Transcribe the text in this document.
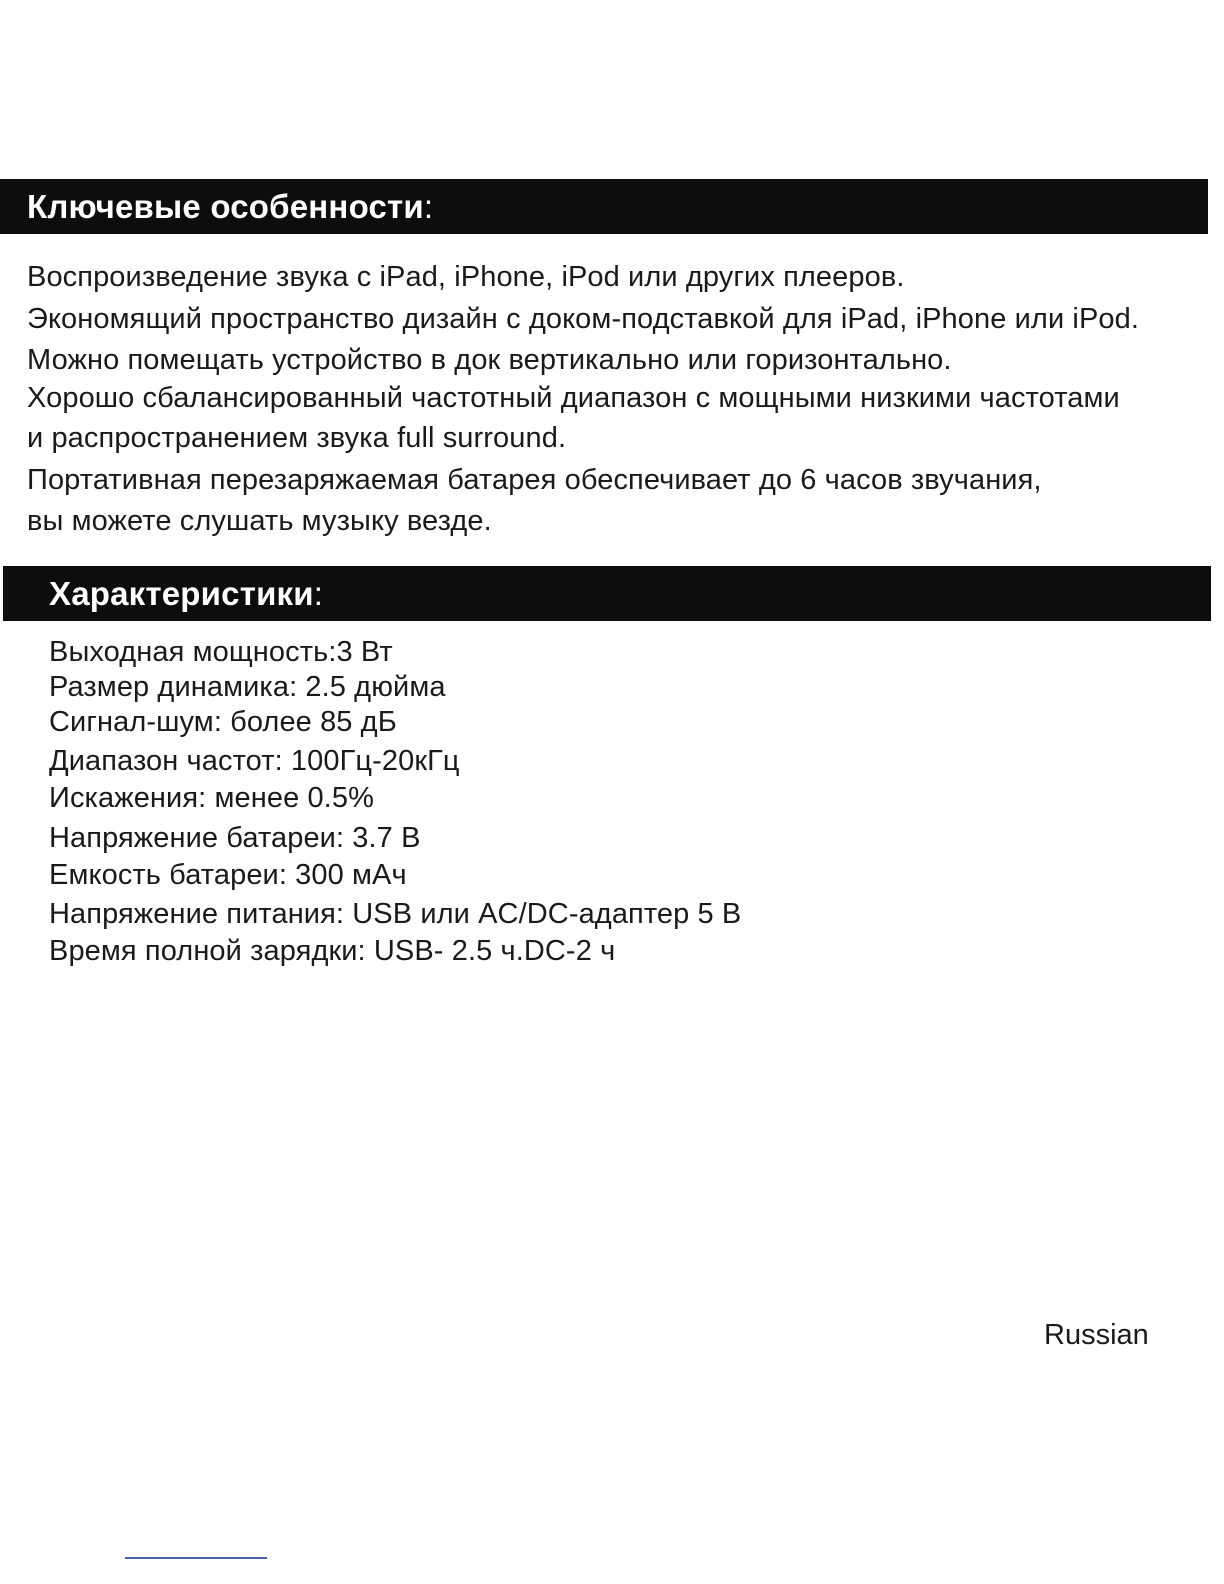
Ключевые особенности :
Воспроизведение звука с iPad, iPhone, iPod или других плееров.
Экономящий пространство дизайн с доком-подставкой для iPad, iPhone или iPod.
Можно помещать устройство в док вертикально или горизонтально.
Хорошо сбалансированный частотный диапазон с мощными низкими частотами
и распространением звука full surround.
Портативная перезаряжаемая батарея обеспечивает до 6 часов звучания,
вы можете слушать музыку везде.
Характеристики :
Выходная мощность:3 Вт
Размер динамика: 2.5 дюйма
Сигнал-шум: более 85 дБ
Диапазон частот: 100Гц-20кГц
Искажения: менее 0.5%
Напряжение батареи: 3.7 В
Емкость батареи: 300 мАч
Напряжение питания: USB или AC/DC-адаптер 5 В
Время полной зарядки: USB- 2.5 ч.DC-2 ч
Russian
